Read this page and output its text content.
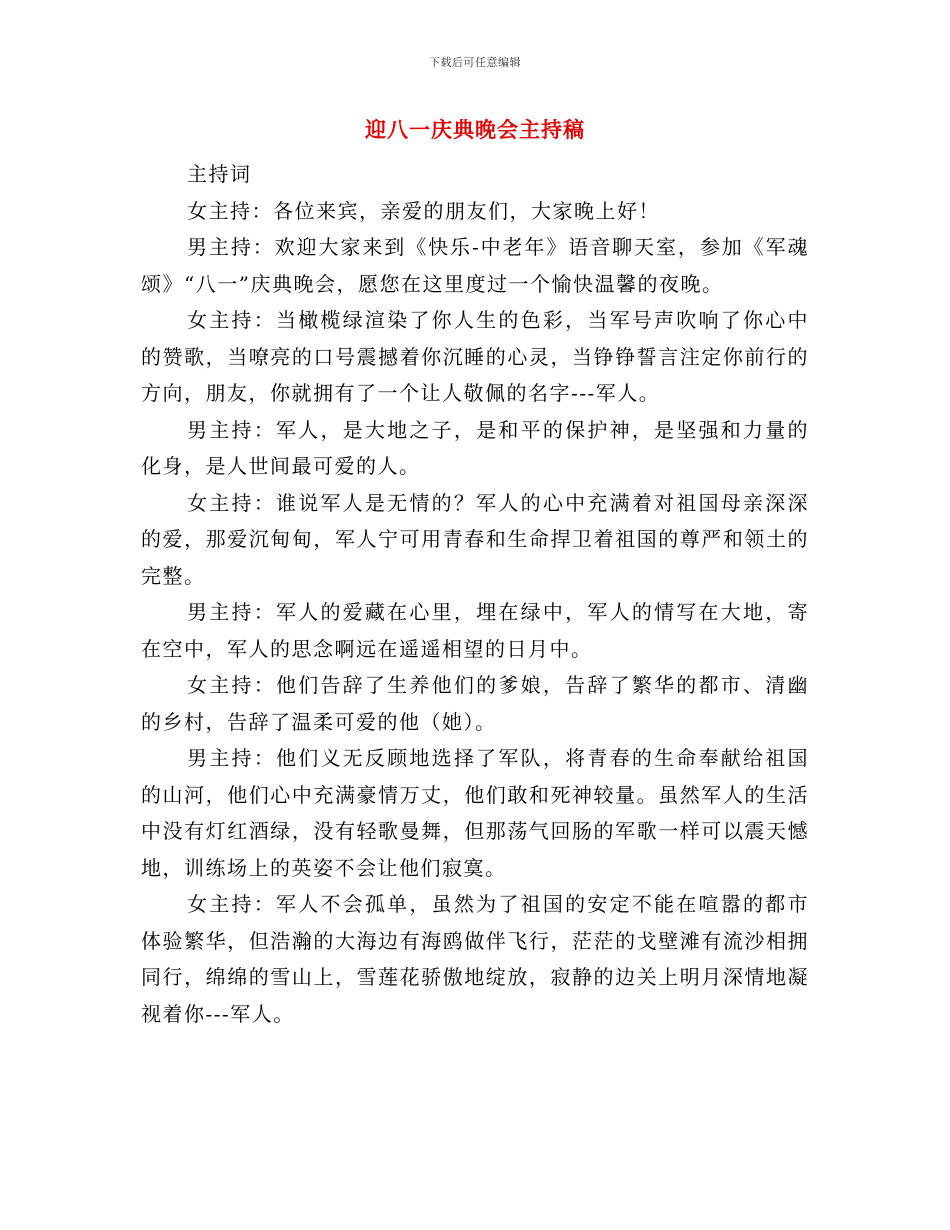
下载后可任意编辑
迎八一庆典晚会主持稿

主持词

女主持：各位来宾，亲爱的朋友们，大家晚上好！

男主持：欢迎大家来到《快乐-中老年》语音聊天室，参加《军魂颂》“八一”庆典晚会，愿您在这里度过一个愉快温馨的夜晚。

女主持：当橄榄绿渲染了你人生的色彩，当军号声吹响了你心中的赞歌，当嘹亮的口号震撼着你沉睡的心灵，当铮铮誓言注定你前行的方向，朋友，你就拥有了一个让人敬佩的名字---军人。

男主持：军人，是大地之子，是和平的保护神，是坚强和力量的化身，是人世间最可爱的人。

女主持：谁说军人是无情的？军人的心中充满着对祖国母亲深深的爱，那爱沉甸甸，军人宁可用青春和生命捍卫着祖国的尊严和领土的完整。

男主持：军人的爱藏在心里，埋在绿中，军人的情写在大地，寄在空中，军人的思念啊远在遥遥相望的日月中。

女主持：他们告辞了生养他们的爹娘，告辞了繁华的都市、清幽的乡村，告辞了温柔可爱的他（她）。

男主持：他们义无反顾地选择了军队，将青春的生命奉献给祖国的山河，他们心中充满豪情万丈，他们敢和死神较量。虽然军人的生活中没有灯红酒绿，没有轻歌曼舞，但那荡气回肠的军歌一样可以震天憾地，训练场上的英姿不会让他们寂寞。

女主持：军人不会孤单，虽然为了祖国的安定不能在喧嚣的都市体验繁华，但浩瀚的大海边有海鸥做伴飞行，茫茫的戈壁滩有流沙相拥同行，绵绵的雪山上，雪莲花骄傲地绽放，寂静的边关上明月深情地凝视着你---军人。
